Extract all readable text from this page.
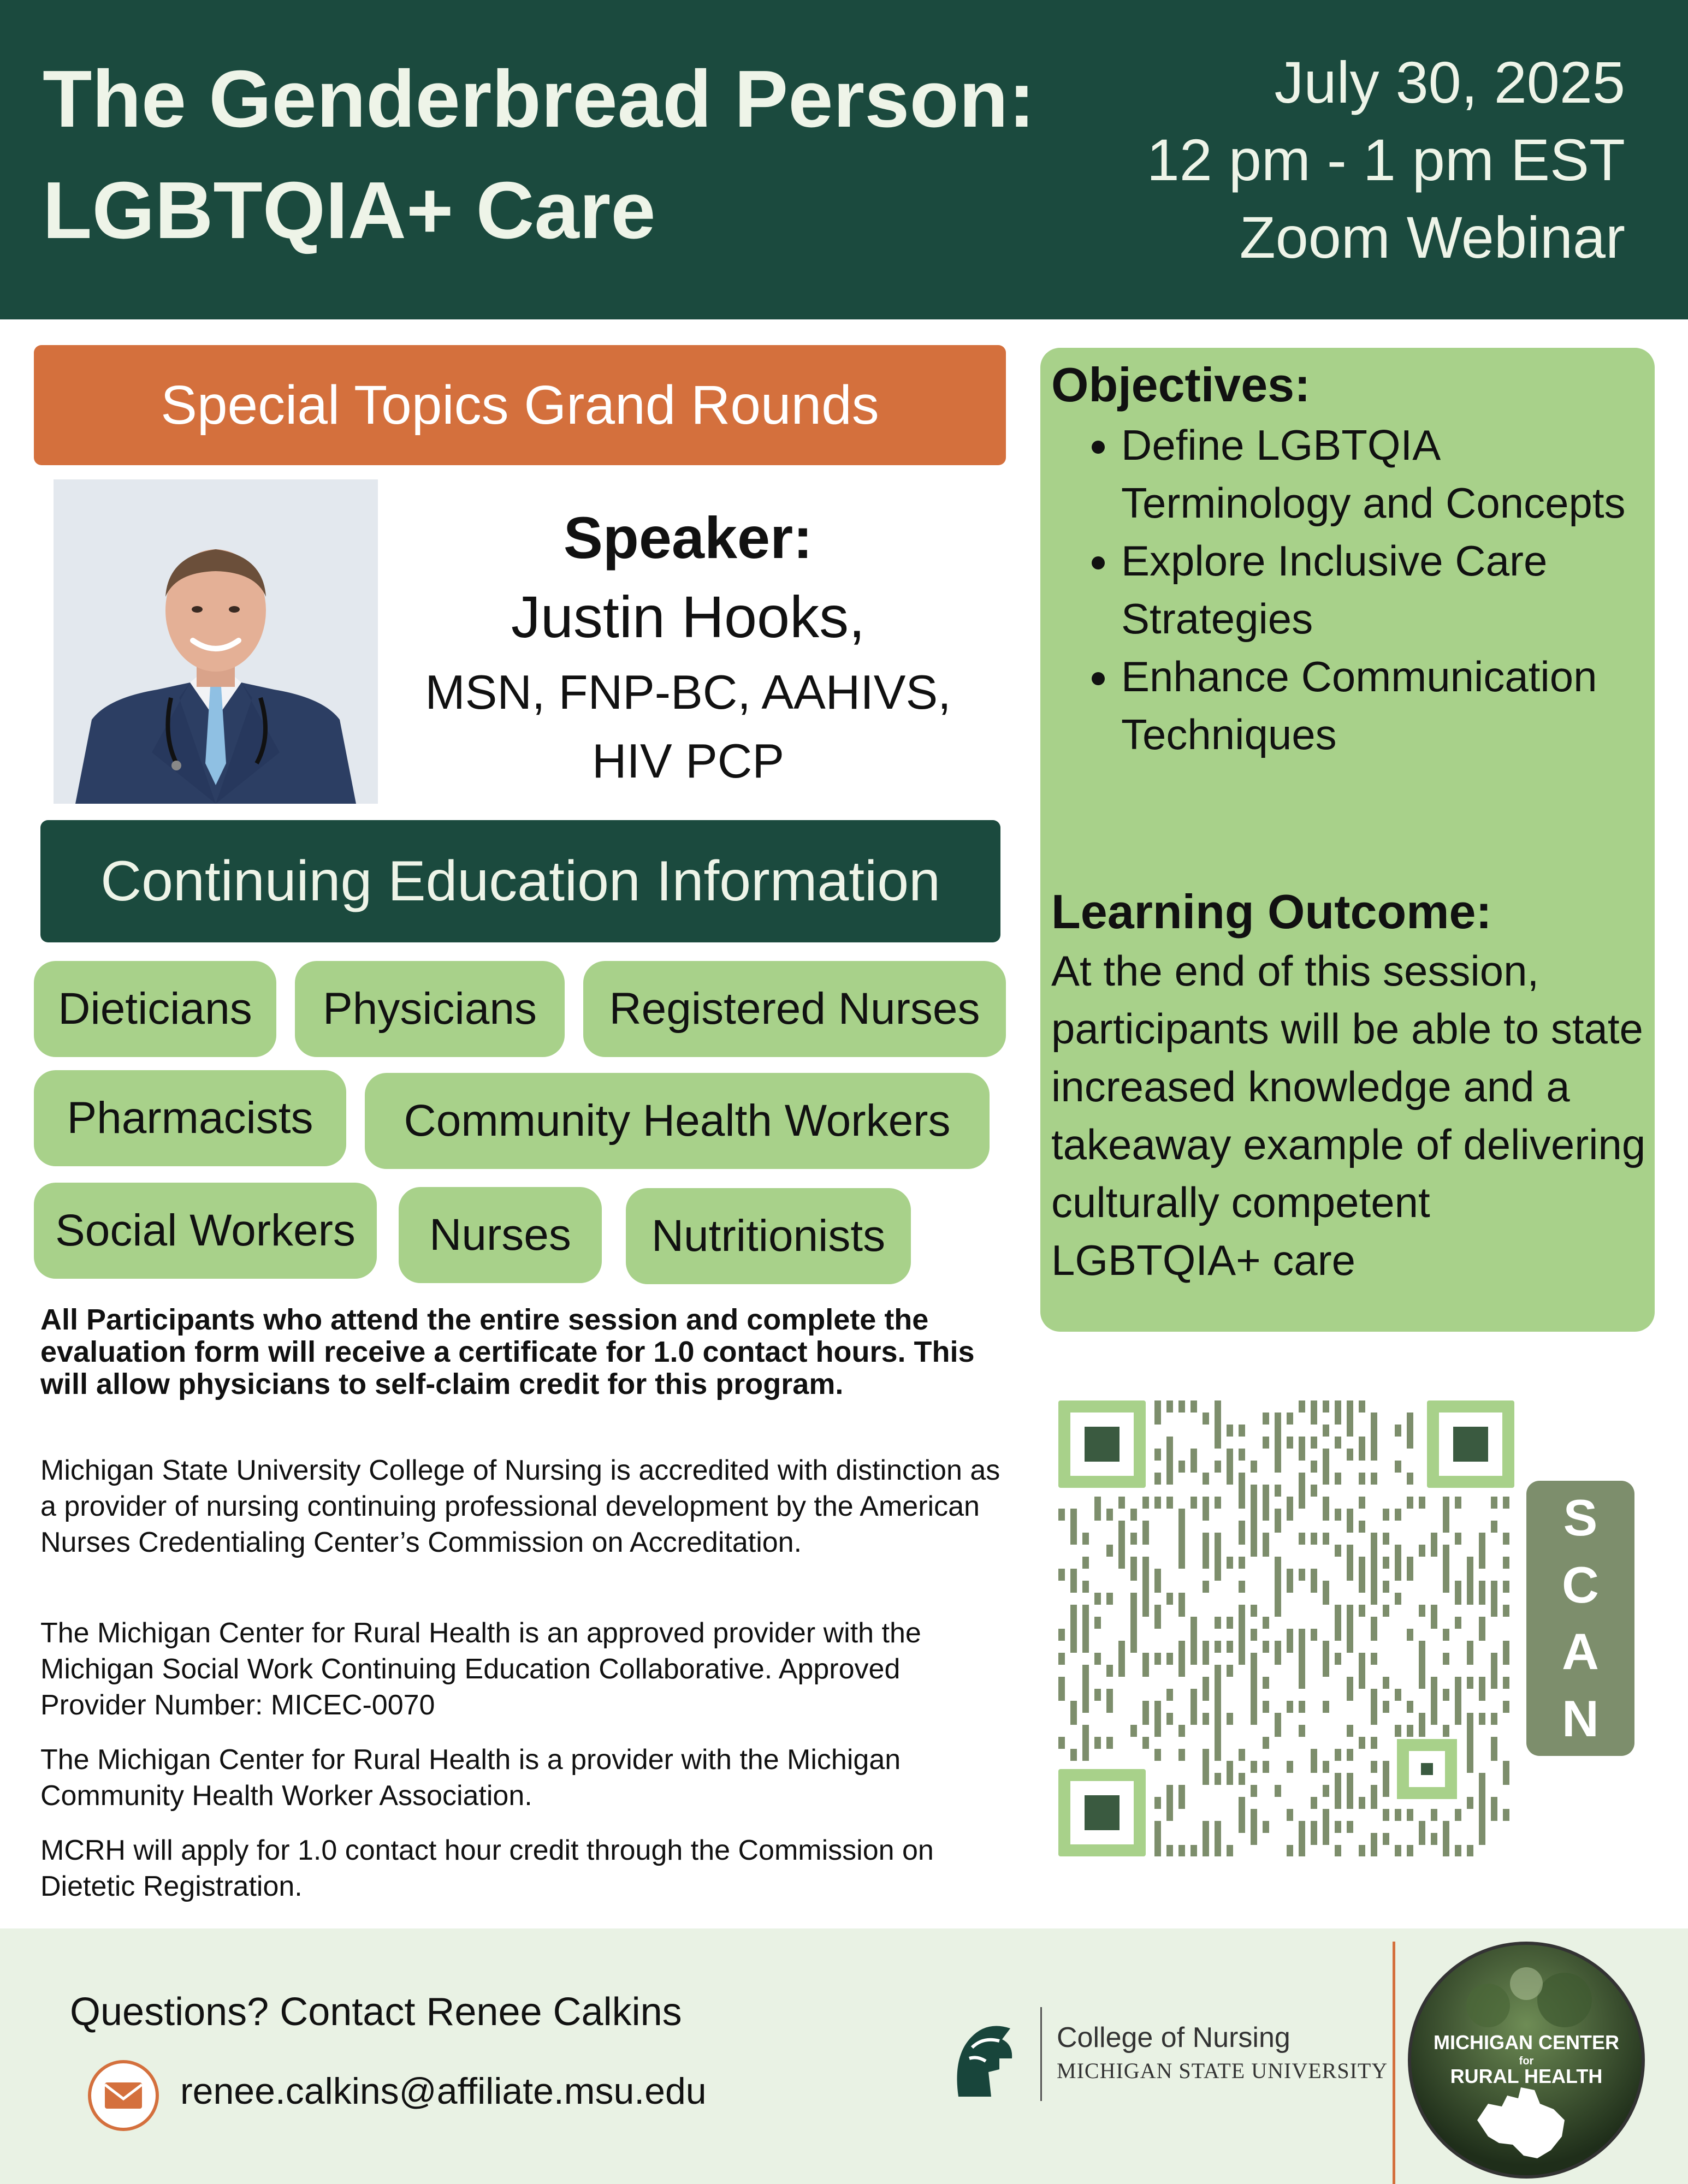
The Genderbread Person:
LGBTQIA+ Care
July 30, 2025
12 pm - 1 pm EST
Zoom Webinar
Special Topics Grand Rounds
Speaker:
Justin Hooks,
MSN, FNP-BC, AAHIVS,
HIV PCP
Continuing Education Information
Dieticians	Physicians	Registered Nurses
Pharmacists	Community Health Workers
Social Workers	Nurses	Nutritionists
All Participants who attend the entire session and complete the evaluation form will receive a certificate for 1.0 contact hours. This will allow physicians to self-claim credit for this program.
Michigan State University College of Nursing is accredited with distinction as a provider of nursing continuing professional development by the American Nurses Credentialing Center’s Commission on Accreditation.
The Michigan Center for Rural Health is an approved provider with the Michigan Social Work Continuing Education Collaborative. Approved Provider Number: MICEC-0070
The Michigan Center for Rural Health is a provider with the Michigan Community Health Worker Association.
MCRH will apply for 1.0 contact hour credit through the Commission on Dietetic Registration.
Objectives:
• Define LGBTQIA Terminology and Concepts
• Explore Inclusive Care Strategies
• Enhance Communication Techniques
Learning Outcome:
At the end of this session, participants will be able to state increased knowledge and a takeaway example of delivering culturally competent LGBTQIA+ care
S
C
A
N
Questions? Contact Renee Calkins
renee.calkins@affiliate.msu.edu
College of Nursing
MICHIGAN STATE UNIVERSITY
MICHIGAN CENTER
for
RURAL HEALTH
